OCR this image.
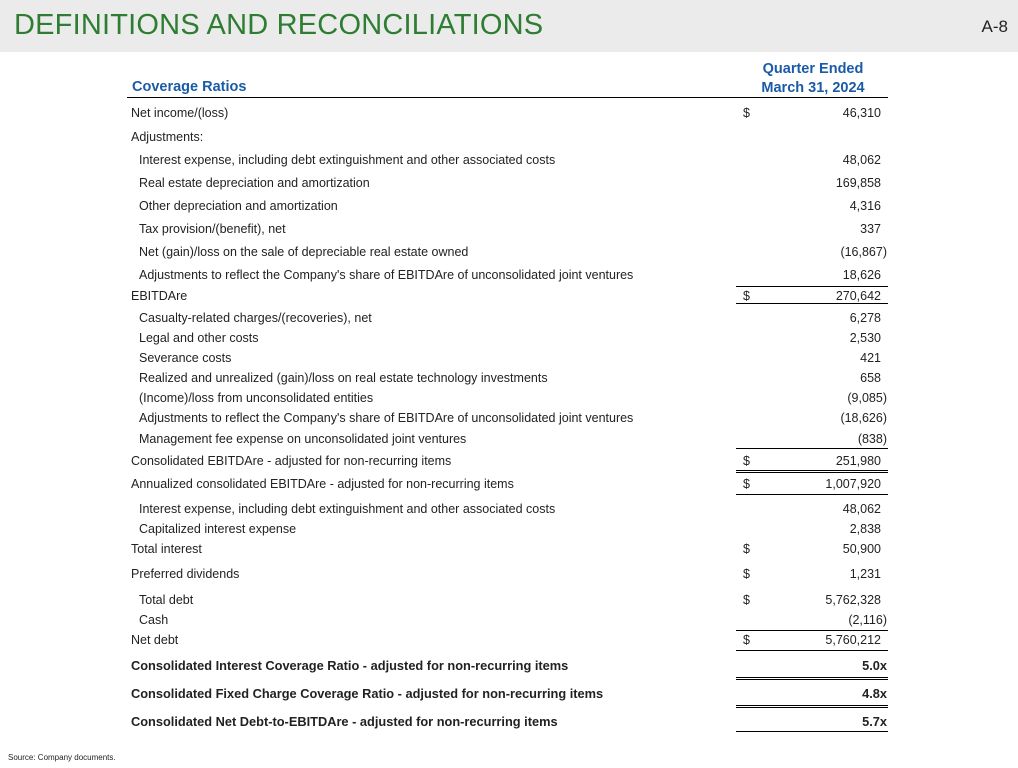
DEFINITIONS AND RECONCILIATIONS	A-8
Quarter Ended
March 31, 2024
Coverage Ratios
Net income/(loss)	$	46,310
Adjustments:
Interest expense, including debt extinguishment and other associated costs	48,062
Real estate depreciation and amortization	169,858
Other depreciation and amortization	4,316
Tax provision/(benefit), net	337
Net (gain)/loss on the sale of depreciable real estate owned	(16,867)
Adjustments to reflect the Company's share of EBITDAre of unconsolidated joint ventures	18,626
EBITDAre	$	270,642
Casualty-related charges/(recoveries), net	6,278
Legal and other costs	2,530
Severance costs	421
Realized and unrealized (gain)/loss on real estate technology investments	658
(Income)/loss from unconsolidated entities	(9,085)
Adjustments to reflect the Company's share of EBITDAre of unconsolidated joint ventures	(18,626)
Management fee expense on unconsolidated joint ventures	(838)
Consolidated EBITDAre - adjusted for non-recurring items	$	251,980
Annualized consolidated EBITDAre - adjusted for non-recurring items	$	1,007,920
Interest expense, including debt extinguishment and other associated costs	48,062
Capitalized interest expense	2,838
Total interest	$	50,900
Preferred dividends	$	1,231
Total debt	$	5,762,328
Cash	(2,116)
Net debt	$	5,760,212
Consolidated Interest Coverage Ratio - adjusted for non-recurring items	5.0x
Consolidated Fixed Charge Coverage Ratio - adjusted for non-recurring items	4.8x
Consolidated Net Debt-to-EBITDAre - adjusted for non-recurring items	5.7x
Source: Company documents.
